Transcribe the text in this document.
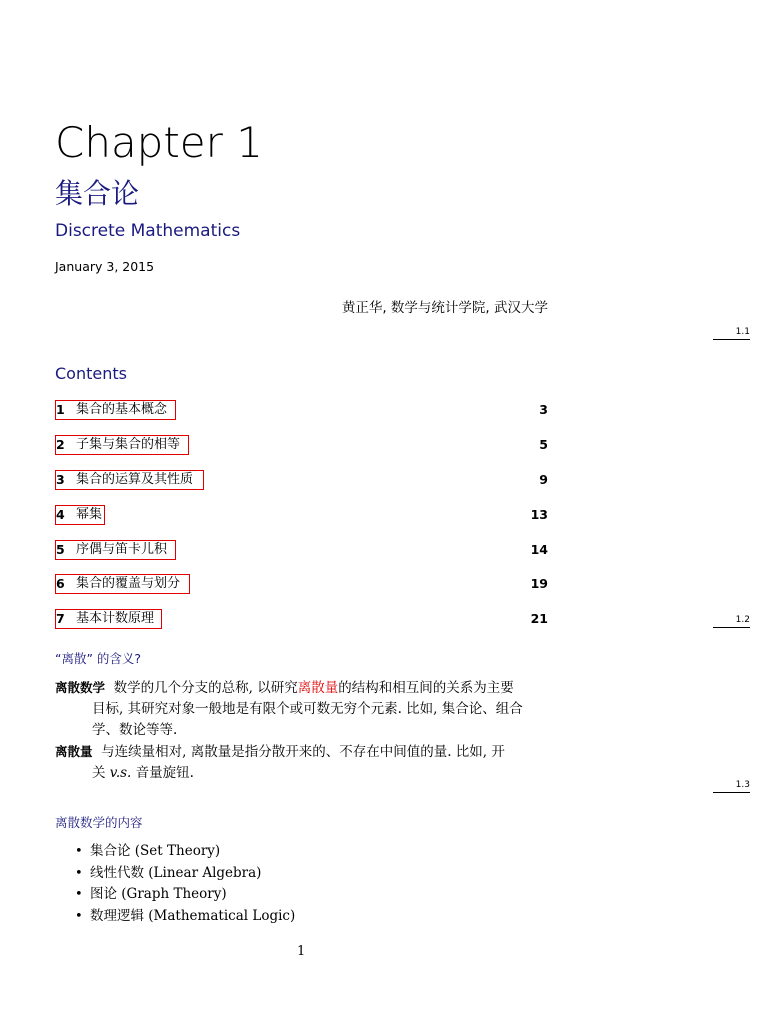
Chapter 1
集合论
Discrete Mathematics
January 3, 2015
黄正华, 数学与统计学院, 武汉大学
1.1
Contents
1 集合的基本概念	3
2 子集与集合的相等	5
3 集合的运算及其性质	9
4 幂集	13
5 序偶与笛卡儿积	14
6 集合的覆盖与划分	19
7 基本计数原理	21	1.2
“离散” 的含义?
离散数学 数学的几个分支的总称, 以研究离散量的结构和相互间的关系为主要
目标, 其研究对象一般地是有限个或可数无穷个元素. 比如, 集合论、组合
学、数论等等.
离散量 与连续量相对, 离散量是指分散开来的、不存在中间值的量. 比如, 开
关 v.s. 音量旋钮.
1.3
离散数学的内容
• 集合论 (Set Theory)
• 线性代数 (Linear Algebra)
• 图论 (Graph Theory)
• 数理逻辑 (Mathematical Logic)
1
